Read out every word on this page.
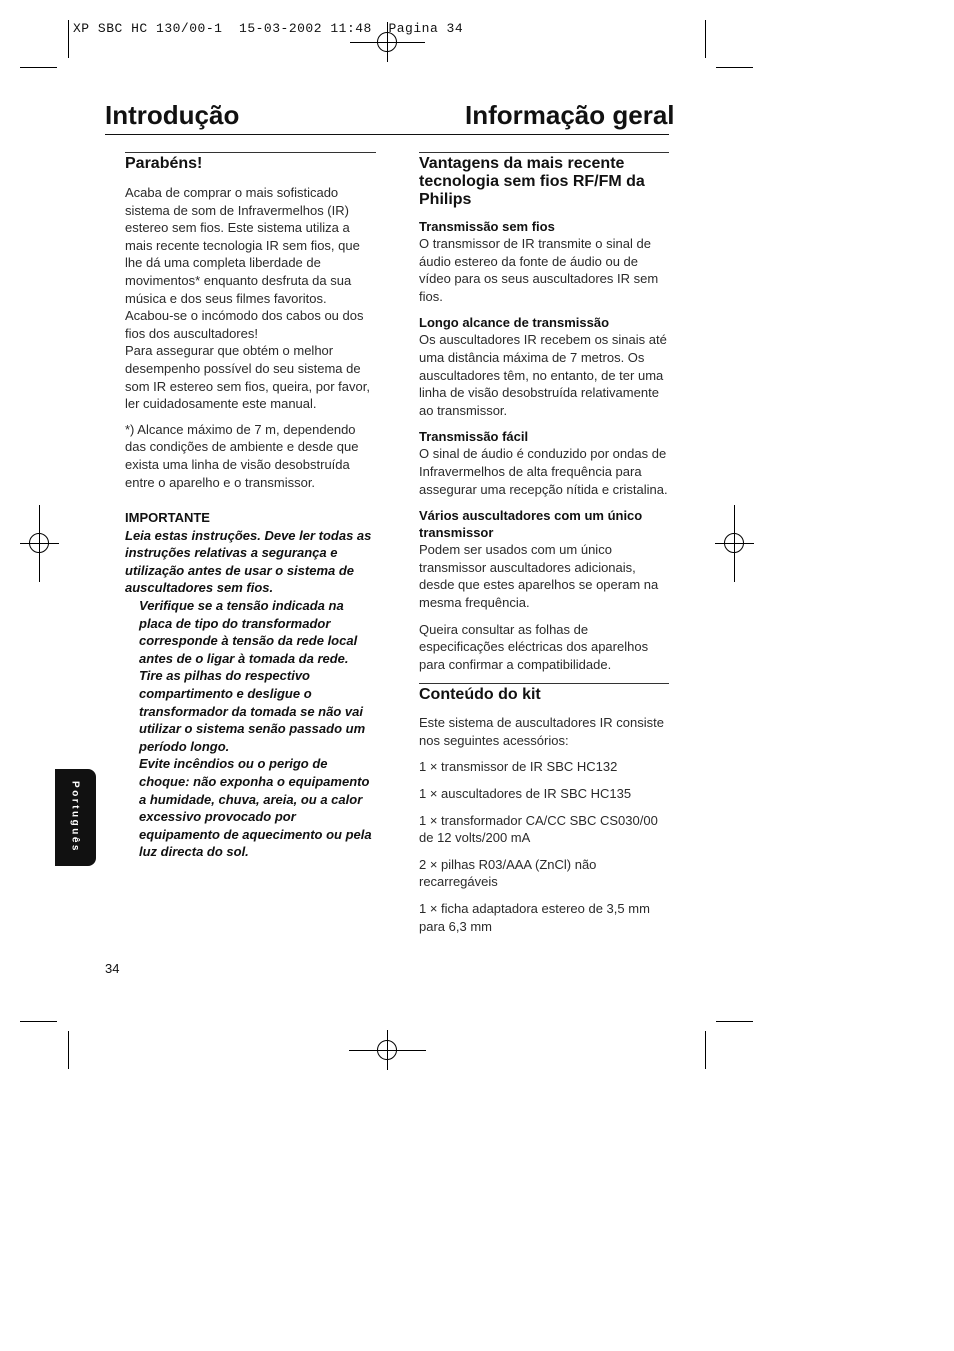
XP SBC HC 130/00-1  15-03-2002 11:48  Pagina 34
Introdução	Informação geral
Parabéns!

Acaba de comprar o mais sofisticado sistema de som de Infravermelhos (IR) estereo sem fios. Este sistema utiliza a mais recente tecnologia IR sem fios, que lhe dá uma completa liberdade de movimentos* enquanto desfruta da sua música e dos seus filmes favoritos. Acabou-se o incómodo dos cabos ou dos fios dos auscultadores!

Para assegurar que obtém o melhor desempenho possível do seu sistema de som IR estereo sem fios, queira, por favor, ler cuidadosamente este manual.

*) Alcance máximo de 7 m, dependendo das condições de ambiente e desde que exista uma linha de visão desobstruída entre o aparelho e o transmissor.

IMPORTANTE

Leia estas instruções. Deve ler todas as instruções relativas a segurança e utilização antes de usar o sistema de auscultadores sem fios.

Verifique se a tensão indicada na placa de tipo do transformador corresponde à tensão da rede local antes de o ligar à tomada da rede.

Tire as pilhas do respectivo compartimento e desligue o transformador da tomada se não vai utilizar o sistema senão passado um período longo.

Evite incêndios ou o perigo de choque: não exponha o equipamento a humidade, chuva, areia, ou a calor excessivo provocado por equipamento de aquecimento ou pela luz directa do sol.

Vantagens da mais recente tecnologia sem fios RF/FM da Philips
Transmissão sem fios

O transmissor de IR transmite o sinal de áudio estereo da fonte de áudio ou de vídeo para os seus auscultadores IR sem fios.

Longo alcance de transmissão

Os auscultadores IR recebem os sinais até uma distância máxima de 7 metros. Os auscultadores têm, no entanto, de ter uma linha de visão desobstruída relativamente ao transmissor.

Transmissão fácil

O sinal de áudio é conduzido por ondas de Infravermelhos de alta frequência para assegurar uma recepção nítida e cristalina.

Vários auscultadores com um único transmissor

Podem ser usados com um único transmissor auscultadores adicionais, desde que estes aparelhos se operam na mesma frequência.

Queira consultar as folhas de especificações eléctricas dos aparelhos para confirmar a compatibilidade.

Conteúdo do kit

Este sistema de auscultadores IR consiste nos seguintes acessórios:

1 × transmissor de IR SBC HC132

1 × auscultadores de IR SBC HC135

1 × transformador CA/CC SBC CS030/00 de 12 volts/200 mA

2 × pilhas R03/AAA (ZnCl) não recarregáveis

1 × ficha adaptadora estereo de 3,5 mm para 6,3 mm

Português
34
